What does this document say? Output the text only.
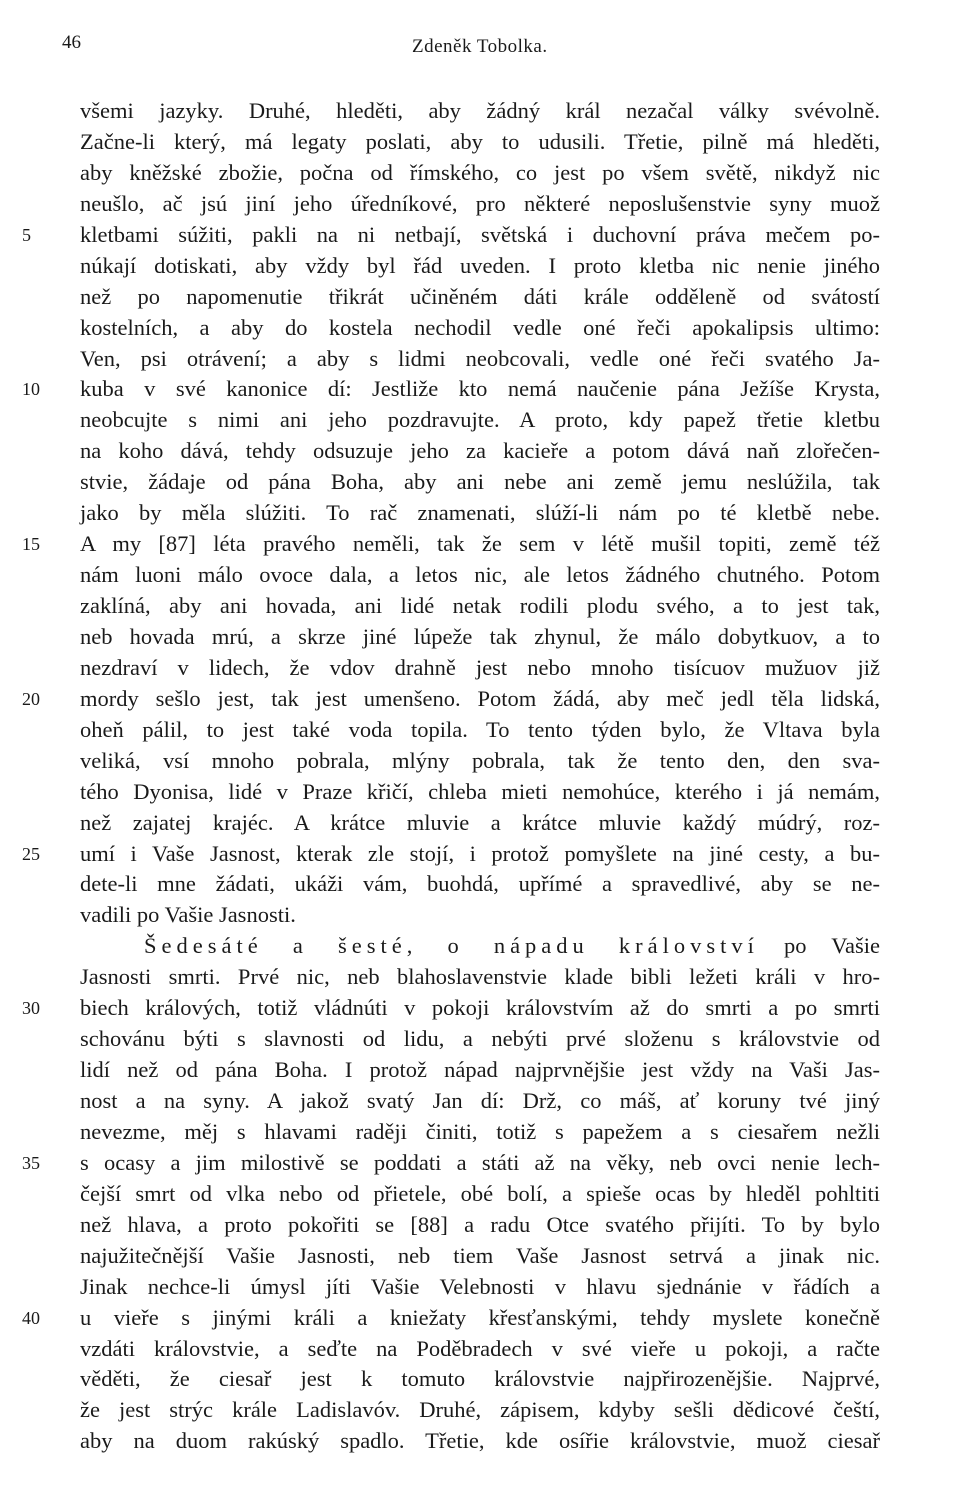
46	Zdeněk Tobolka.
všemi jazyky. Druhé, hleděti, aby žádný král nezačal války svévolně.
Začne-li který, má legaty poslati, aby to udusili. Třetie, pilně má hleděti,
aby kněžské zbožie, počna od římského, co jest po všem světě, nikdyž nic
neušlo, ač jsú jiní jeho úředníkové, pro některé neposlušenstvie syny muož
5	kletbami súžiti, pakli na ni netbají, světská i duchovní práva mečem po-
núkají dotiskati, aby vždy byl řád uveden. I proto kletba nic nenie jiného
než po napomenutie třikrát učiněném dáti krále odděleně od svátostí
kostelních, a aby do kostela nechodil vedle oné řeči apokalipsis ultimo:
Ven, psi otrávení; a aby s lidmi neobcovali, vedle oné řeči svatého Ja-
10	kuba v své kanonice dí: Jestliže kto nemá naučenie pána Ježíše Krysta,
neobcujte s nimi ani jeho pozdravujte. A proto, kdy papež třetie kletbu
na koho dává, tehdy odsuzuje jeho za kacieře a potom dává naň zlořečen-
stvie, žádaje od pána Boha, aby ani nebe ani země jemu neslúžila, tak
jako by měla slúžiti. To rač znamenati, slúží-li nám po té kletbě nebe.
15	A my [87] léta pravého neměli, tak že sem v létě mušil topiti, země též
nám luoni málo ovoce dala, a letos nic, ale letos žádného chutného. Potom
zaklíná, aby ani hovada, ani lidé netak rodili plodu svého, a to jest tak,
neb hovada mrú, a skrze jiné lúpeže tak zhynul, že málo dobytkuov, a to
nezdraví v lidech, že vdov drahně jest nebo mnoho tisícuov mužuov již
20	mordy sešlo jest, tak jest umenšeno. Potom žádá, aby meč jedl těla lidská,
oheň pálil, to jest také voda topila. To tento týden bylo, že Vltava byla
veliká, vsí mnoho pobrala, mlýny pobrala, tak že tento den, den sva-
tého Dyonisa, lidé v Praze křičí, chleba mieti nemohúce, kterého i já nemám,
než zajatej krajéc. A krátce mluvie a krátce mluvie každý múdrý, roz-
25	umí i Vaše Jasnost, kterak zle stojí, i protož pomyšlete na jiné cesty, a bu-
dete-li mne žádati, ukáži vám, buohdá, upřímé a spravedlivé, aby se ne-
vadili po Vašie Jasnosti.
Šedesáté a šesté, o nápadu království po Vašie
Jasnosti smrti. Prvé nic, neb blahoslavenstvie klade bibli ležeti králi v hro-
30	biech králových, totiž vládnúti v pokoji královstvím až do smrti a po smrti
schovánu býti s slavnosti od lidu, a nebýti prvé složenu s královstvie od
lidí než od pána Boha. I protož nápad najprvnějšie jest vždy na Vaši Jas-
nost a na syny. A jakož svatý Jan dí: Drž, co máš, ať koruny tvé jiný
nevezme, měj s hlavami raději činiti, totiž s papežem a s ciesařem nežli
35	s ocasy a jim milostivě se poddati a státi až na věky, neb ovci nenie lech-
čejší smrt od vlka nebo od přietele, obé bolí, a spieše ocas by hleděl pohltiti
než hlava, a proto pokořiti se [88] a radu Otce svatého přijíti. To by bylo
najužitečnější Vašie Jasnosti, neb tiem Vaše Jasnost setrvá a jinak nic.
Jinak nechce-li úmysl jíti Vašie Velebnosti v hlavu sjednánie v řádích a
40	u vieře s jinými králi a kniežaty křesťanskými, tehdy myslete konečně
vzdáti královstvie, a seďte na Poděbradech v své vieře u pokoji, a račte
věděti, že ciesař jest k tomuto královstvie najpřirozenějšie. Najprvé,
že jest strýc krále Ladislavóv. Druhé, zápisem, kdyby sešli dědicové čeští,
aby na duom rakúský spadlo. Třetie, kde osířie královstvie, muož ciesař
